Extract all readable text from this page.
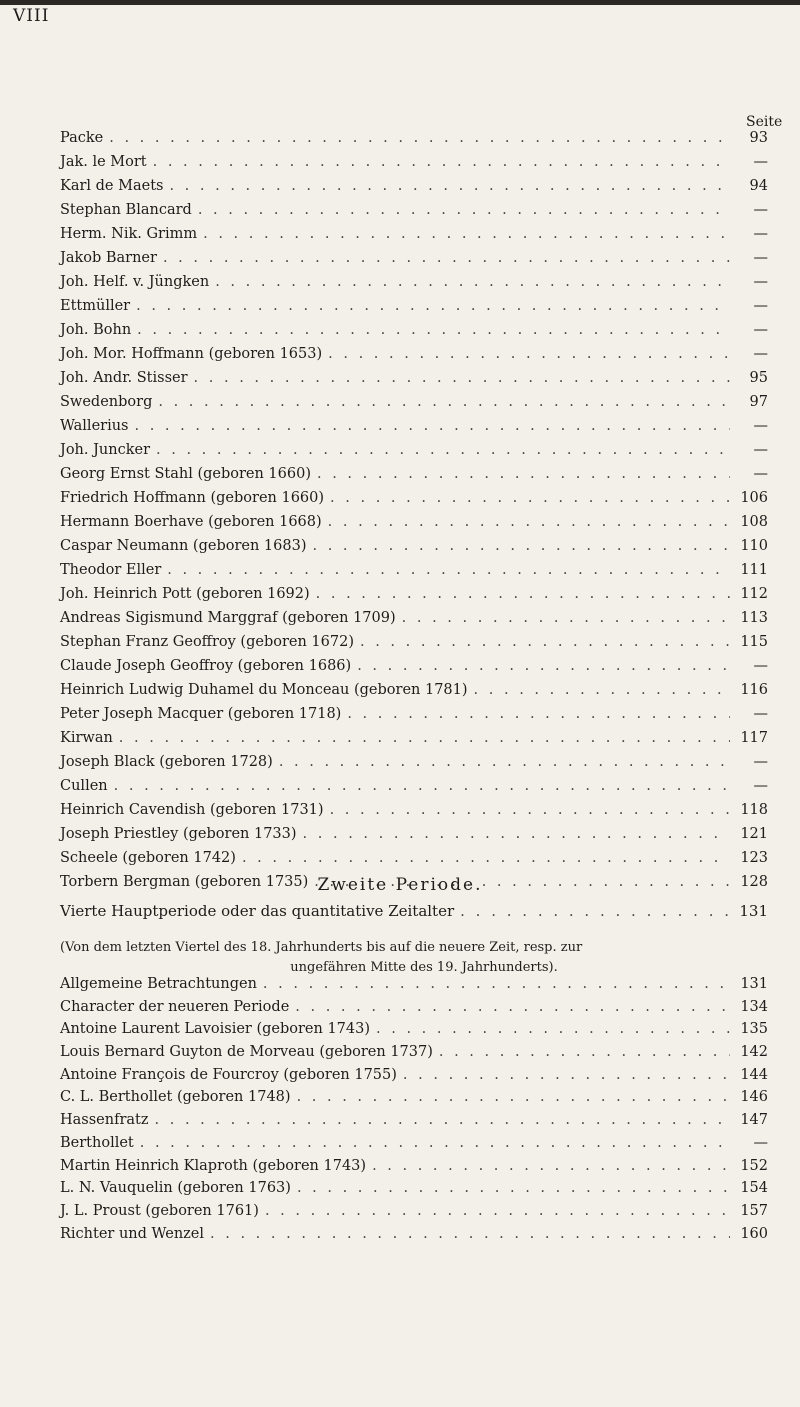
VIII
Seite
Packe . . .	93
Jak. le Mort . . .	—
Karl de Maets . . .	94
Stephan Blancard . . .	—
Herm. Nik. Grimm . . .	—
Jakob Barner . . .	—
Joh. Helf. v. Jüngken . . .	—
Ettmüller . . .	—
Joh. Bohn . . .	—
Joh. Mor. Hoffmann (geboren 1653) . . .	—
Joh. Andr. Stisser . . .	95
Swedenborg . . .	97
Wallerius . . .	—
Joh. Juncker . . .	—
Georg Ernst Stahl (geboren 1660) . . .	—
Friedrich Hoffmann (geboren 1660) . . .	106
Hermann Boerhave (geboren 1668) . . .	108
Caspar Neumann (geboren 1683) . . .	110
Theodor Eller . . .	111
Joh. Heinrich Pott (geboren 1692) . . .	112
Andreas Sigismund Marggraf (geboren 1709) . . .	113
Stephan Franz Geoffroy (geboren 1672) . . .	115
Claude Joseph Geoffroy (geboren 1686) . . .	—
Heinrich Ludwig Duhamel du Monceau (geboren 1781) . . .	116
Peter Joseph Macquer (geboren 1718) . . .	—
Kirwan . . .	117
Joseph Black (geboren 1728) . . .	—
Cullen . . .	—
Heinrich Cavendish (geboren 1731) . . .	118
Joseph Priestley (geboren 1733) . . .	121
Scheele (geboren 1742) . . .	123
Torbern Bergman (geboren 1735) . . .	128
Zweite Periode.
Vierte Hauptperiode oder das quantitative Zeitalter . . .	131
(Von dem letzten Viertel des 18. Jahrhunderts bis auf die neuere Zeit, resp. zur
ungefähren Mitte des 19. Jahrhunderts).
Allgemeine Betrachtungen . . .	131
Character der neueren Periode . . .	134
Antoine Laurent Lavoisier (geboren 1743) . . .	135
Louis Bernard Guyton de Morveau (geboren 1737) . . .	142
Antoine François de Fourcroy (geboren 1755) . . .	144
C. L. Berthollet (geboren 1748) . . .	146
Hassenfratz . . .	147
Berthollet . . .	—
Martin Heinrich Klaproth (geboren 1743) . . .	152
L. N. Vauquelin (geboren 1763) . . .	154
J. L. Proust (geboren 1761) . . .	157
Richter und Wenzel . . .	160
